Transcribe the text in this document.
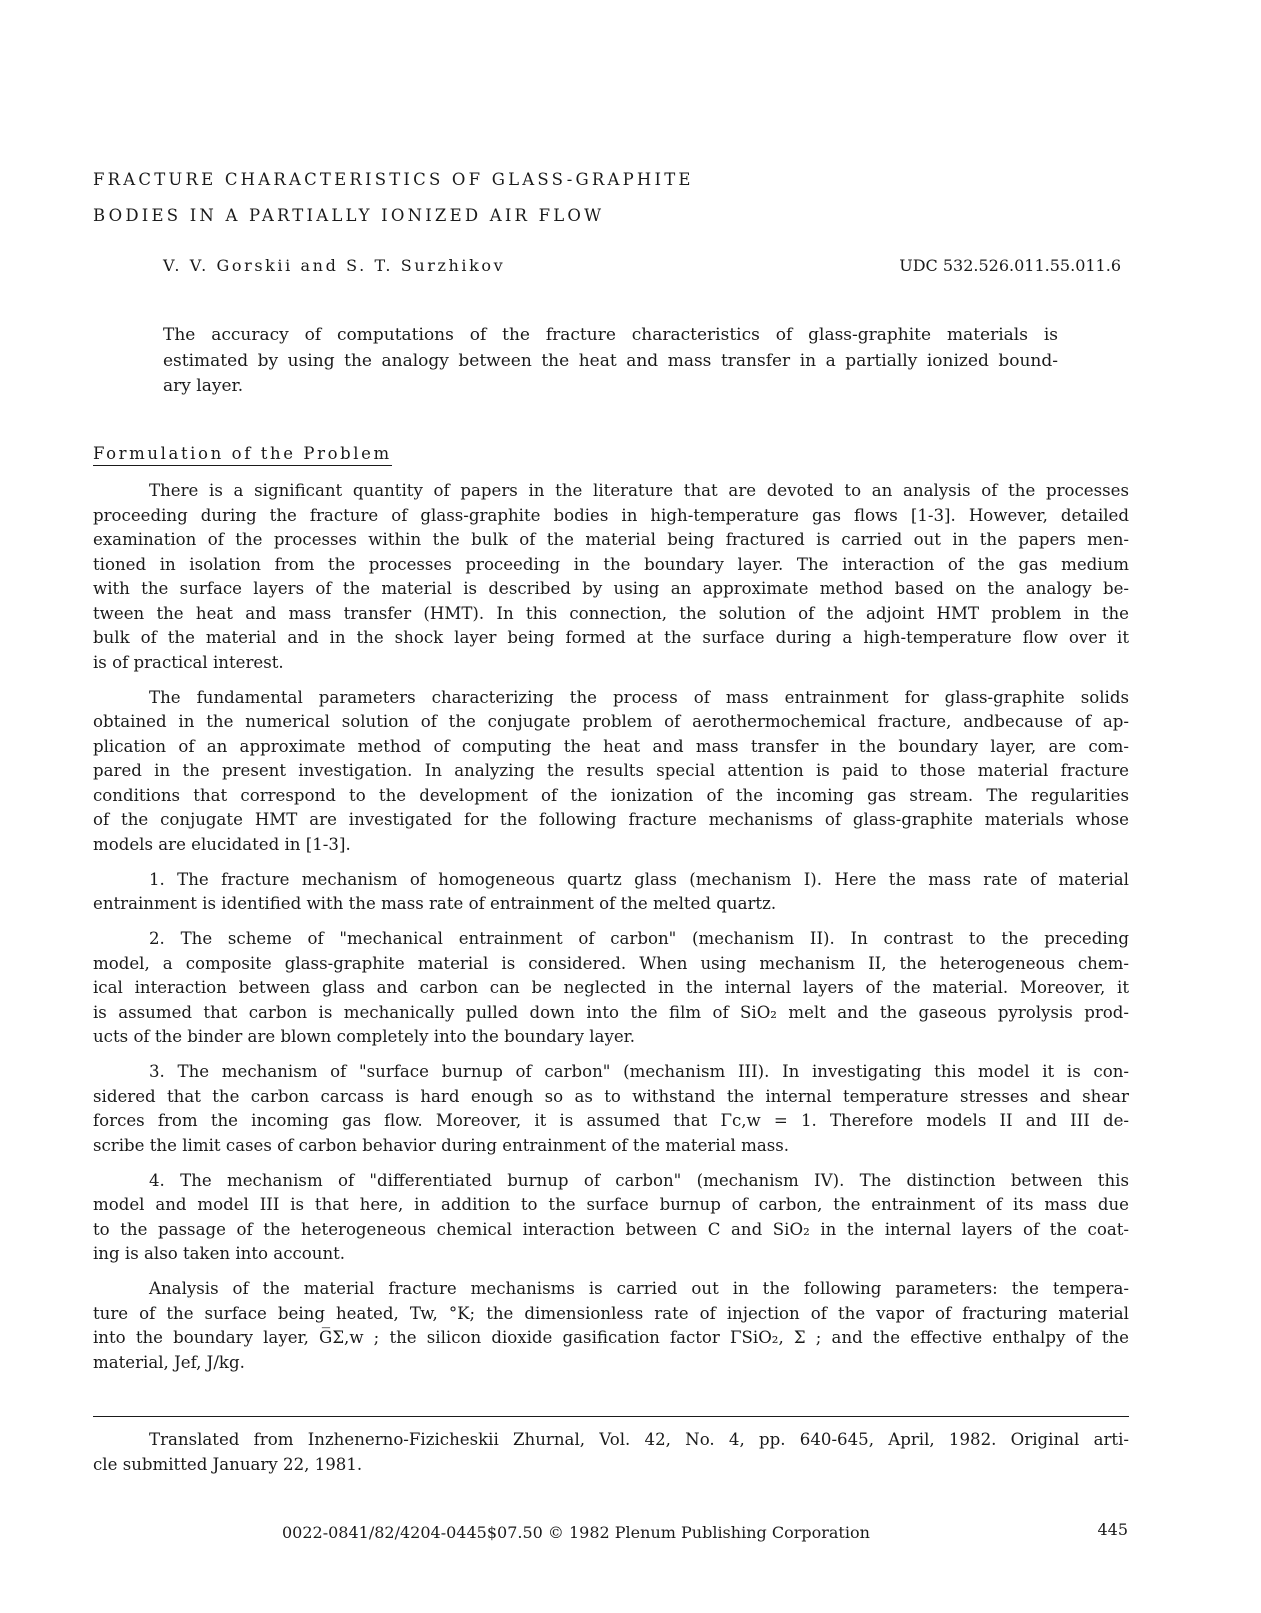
FRACTURE CHARACTERISTICS OF GLASS-GRAPHITE
BODIES IN A PARTIALLY IONIZED AIR FLOW
V. V. Gorskii and S. T. Surzhikov	UDC 532.526.011.55.011.6
The accuracy of computations of the fracture characteristics of glass-graphite materials is
estimated by using the analogy between the heat and mass transfer in a partially ionized bound-
ary layer.
Formulation of the Problem
There is a significant quantity of papers in the literature that are devoted to an analysis of the processes
proceeding during the fracture of glass-graphite bodies in high-temperature gas flows [1-3]. However, detailed
examination of the processes within the bulk of the material being fractured is carried out in the papers men-
tioned in isolation from the processes proceeding in the boundary layer. The interaction of the gas medium
with the surface layers of the material is described by using an approximate method based on the analogy be-
tween the heat and mass transfer (HMT). In this connection, the solution of the adjoint HMT problem in the
bulk of the material and in the shock layer being formed at the surface during a high-temperature flow over it
is of practical interest.
The fundamental parameters characterizing the process of mass entrainment for glass-graphite solids
obtained in the numerical solution of the conjugate problem of aerothermochemical fracture, andbecause of ap-
plication of an approximate method of computing the heat and mass transfer in the boundary layer, are com-
pared in the present investigation. In analyzing the results special attention is paid to those material fracture
conditions that correspond to the development of the ionization of the incoming gas stream. The regularities
of the conjugate HMT are investigated for the following fracture mechanisms of glass-graphite materials whose
models are elucidated in [1-3].
1. The fracture mechanism of homogeneous quartz glass (mechanism I). Here the mass rate of material
entrainment is identified with the mass rate of entrainment of the melted quartz.
2. The scheme of "mechanical entrainment of carbon" (mechanism II). In contrast to the preceding
model, a composite glass-graphite material is considered. When using mechanism II, the heterogeneous chem-
ical interaction between glass and carbon can be neglected in the internal layers of the material. Moreover, it
is assumed that carbon is mechanically pulled down into the film of SiO₂ melt and the gaseous pyrolysis prod-
ucts of the binder are blown completely into the boundary layer.
3. The mechanism of "surface burnup of carbon" (mechanism III). In investigating this model it is con-
sidered that the carbon carcass is hard enough so as to withstand the internal temperature stresses and shear
forces from the incoming gas flow. Moreover, it is assumed that Γc,w = 1. Therefore models II and III de-
scribe the limit cases of carbon behavior during entrainment of the material mass.
4. The mechanism of "differentiated burnup of carbon" (mechanism IV). The distinction between this
model and model III is that here, in addition to the surface burnup of carbon, the entrainment of its mass due
to the passage of the heterogeneous chemical interaction between C and SiO₂ in the internal layers of the coat-
ing is also taken into account.
Analysis of the material fracture mechanisms is carried out in the following parameters: the tempera-
ture of the surface being heated, Tw, °K; the dimensionless rate of injection of the vapor of fracturing material
into the boundary layer, G̅Σ,w ; the silicon dioxide gasification factor ΓSiO₂, Σ ; and the effective enthalpy of the
material, Jef, J/kg.
Translated from Inzhenerno-Fizicheskii Zhurnal, Vol. 42, No. 4, pp. 640-645, April, 1982. Original arti-
cle submitted January 22, 1981.
0022-0841/82/4204-0445$07.50 © 1982 Plenum Publishing Corporation	445
